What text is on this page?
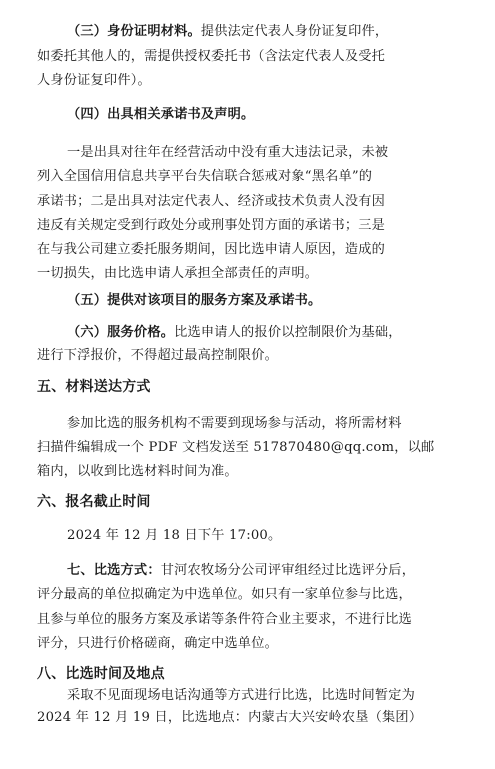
（三）身份证明材料。提供法定代表人身份证复印件，
如委托其他人的，需提供授权委托书（含法定代表人及受托
人身份证复印件）。
（四）出具相关承诺书及声明。
一是出具对往年在经营活动中没有重大违法记录，未被
列入全国信用信息共享平台失信联合惩戒对象“黑名单”的
承诺书；二是出具对法定代表人、经济或技术负责人没有因
违反有关规定受到行政处分或刑事处罚方面的承诺书；三是
在与我公司建立委托服务期间，因比选申请人原因，造成的
一切损失，由比选申请人承担全部责任的声明。
（五）提供对该项目的服务方案及承诺书。
（六）服务价格。比选申请人的报价以控制限价为基础，
进行下浮报价，不得超过最高控制限价。
五、材料送达方式
参加比选的服务机构不需要到现场参与活动，将所需材料
扫描件编辑成一个 PDF 文档发送至 517870480@qq.com，以邮
箱内，以收到比选材料时间为准。
六、报名截止时间
2024 年 12 月 18 日下午 17:00。
七、比选方式：甘河农牧场分公司评审组经过比选评分后，
评分最高的单位拟确定为中选单位。如只有一家单位参与比选，
且参与单位的服务方案及承诺等条件符合业主要求，不进行比选
评分，只进行价格磋商，确定中选单位。
八、比选时间及地点
采取不见面现场电话沟通等方式进行比选，比选时间暂定为
2024 年 12 月 19 日，比选地点：内蒙古大兴安岭农垦（集团）
